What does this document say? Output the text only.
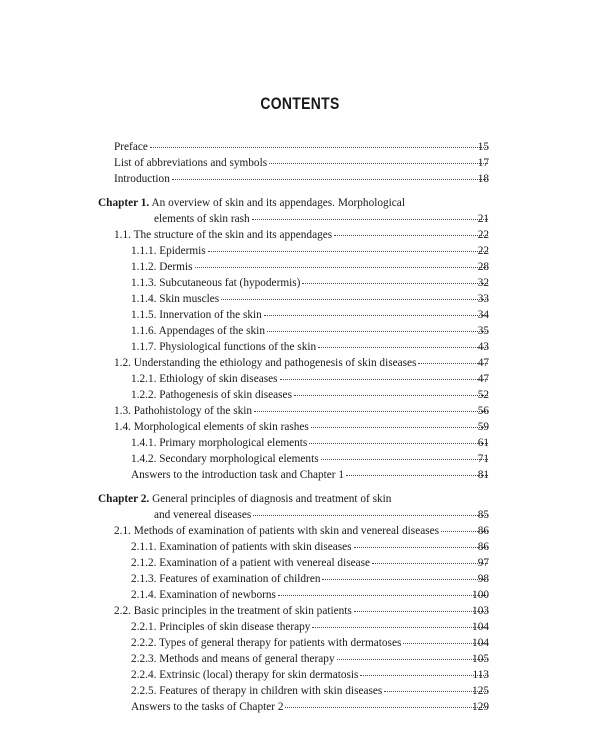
CONTENTS
Preface	15
List of abbreviations and symbols	17
Introduction	18
Chapter 1. An overview of skin and its appendages. Morphological
elements of skin rash	21
1.1. The structure of the skin and its appendages	22
1.1.1. Epidermis	22
1.1.2. Dermis	28
1.1.3. Subcutaneous fat (hypodermis)	32
1.1.4. Skin muscles	33
1.1.5. Innervation of the skin	34
1.1.6. Appendages of the skin	35
1.1.7. Physiological functions of the skin	43
1.2. Understanding the ethiology and pathogenesis of skin diseases	47
1.2.1. Ethiology of skin diseases	47
1.2.2. Pathogenesis of skin diseases	52
1.3. Pathohistology of the skin	56
1.4. Morphological elements of skin rashes	59
1.4.1. Primary morphological elements	61
1.4.2. Secondary morphological elements	71
Answers to the introduction task and Chapter 1	81
Chapter 2. General principles of diagnosis and treatment of skin
and venereal diseases	85
2.1. Methods of examination of patients with skin and venereal diseases	86
2.1.1. Examination of patients with skin diseases	86
2.1.2. Examination of a patient with venereal disease	97
2.1.3. Features of examination of children	98
2.1.4. Examination of newborns	100
2.2. Basic principles in the treatment of skin patients	103
2.2.1. Principles of skin disease therapy	104
2.2.2. Types of general therapy for patients with dermatoses	104
2.2.3. Methods and means of general therapy	105
2.2.4. Extrinsic (local) therapy for skin dermatosis	113
2.2.5. Features of therapy in children with skin diseases	125
Answers to the tasks of Chapter 2	129
